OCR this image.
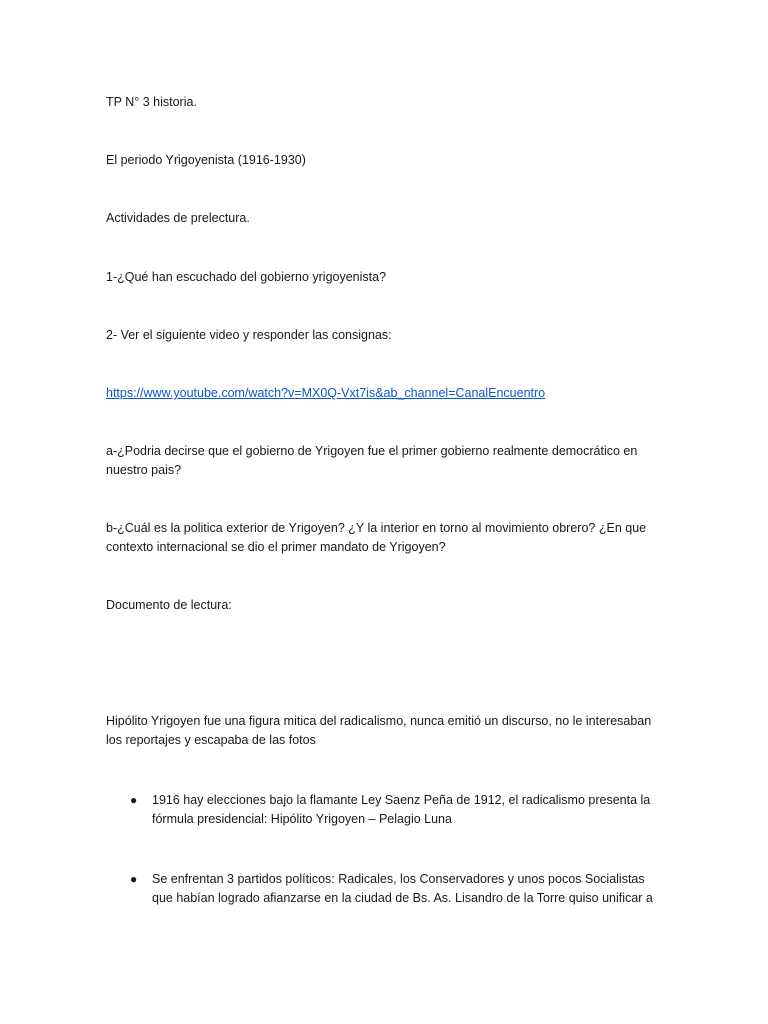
TP N° 3 historia.
El periodo Yrigoyenista (1916-1930)
Actividades de prelectura.
1-¿Qué han escuchado del gobierno yrigoyenista?
2- Ver el siguiente video y responder las consignas:
https://www.youtube.com/watch?v=MX0Q-Vxt7is&ab_channel=CanalEncuentro
a-¿Podria decirse que el gobierno de Yrigoyen fue el primer gobierno realmente democrático en nuestro pais?
b-¿Cuál es la politica exterior de Yrigoyen? ¿Y la interior en torno al movimiento obrero? ¿En que contexto internacional se dio el primer mandato de Yrigoyen?
Documento de lectura:
Hipólito Yrigoyen fue una figura mitica del radicalismo, nunca emitió un discurso, no le interesaban los reportajes y escapaba de las fotos
● 1916 hay elecciones bajo la flamante Ley Saenz Peña de 1912, el radicalismo presenta la fórmula presidencial: Hipólito Yrigoyen – Pelagio Luna
● Se enfrentan 3 partidos políticos: Radicales, los Conservadores y unos pocos Socialistas que habían logrado afianzarse en la ciudad de Bs. As. Lisandro de la Torre quiso unificar a
